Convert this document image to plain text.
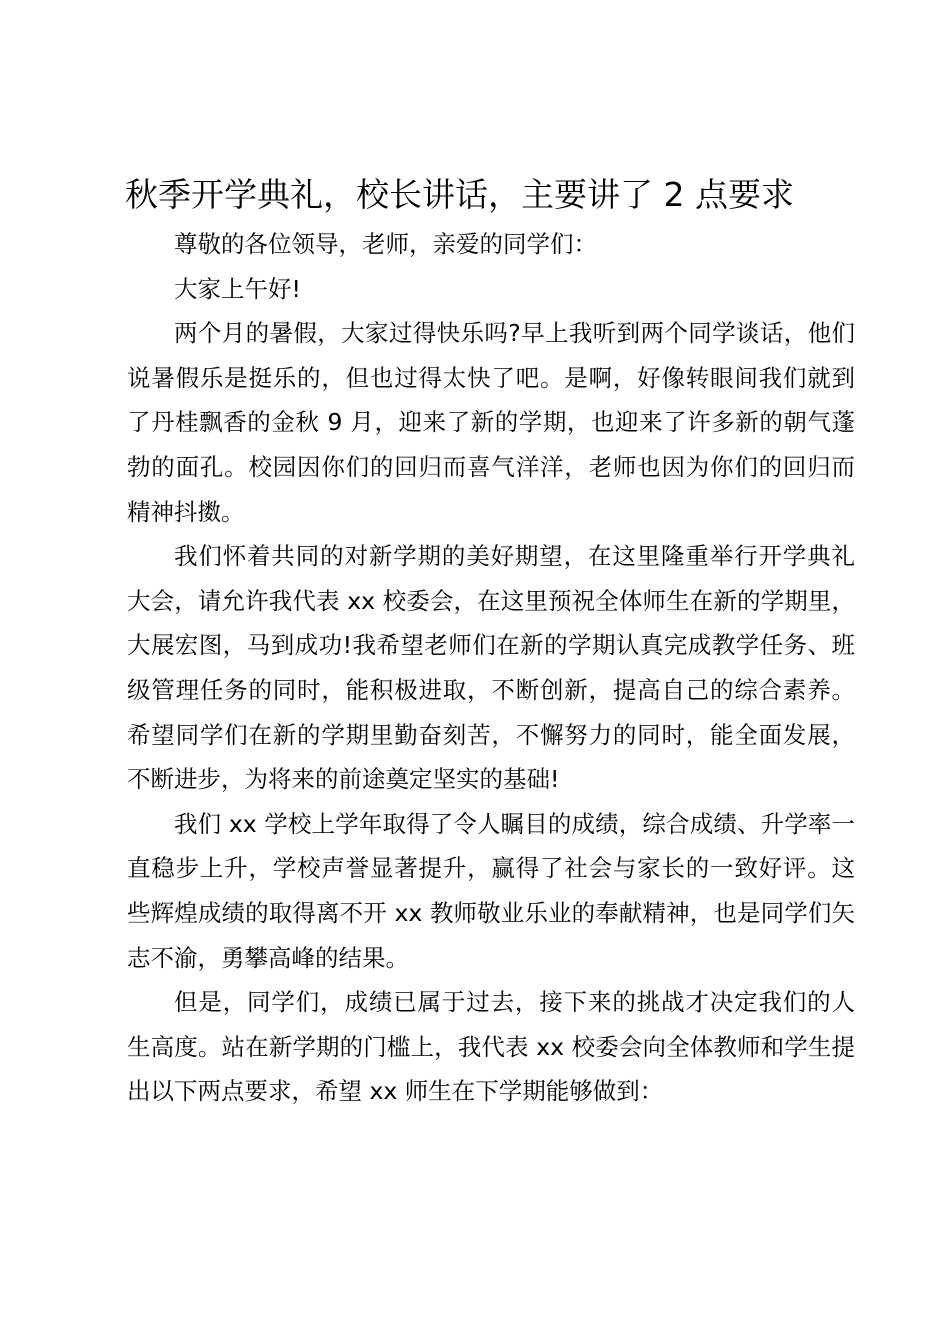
秋季开学典礼，校长讲话，主要讲了 2 点要求

尊敬的各位领导，老师，亲爱的同学们：

大家上午好!

两个月的暑假，大家过得快乐吗?早上我听到两个同学谈话，他们说暑假乐是挺乐的，但也过得太快了吧。是啊，好像转眼间我们就到了丹桂飘香的金秋 9 月，迎来了新的学期，也迎来了许多新的朝气蓬勃的面孔。校园因你们的回归而喜气洋洋，老师也因为你们的回归而精神抖擞。

我们怀着共同的对新学期的美好期望，在这里隆重举行开学典礼大会，请允许我代表 xx 校委会，在这里预祝全体师生在新的学期里，大展宏图，马到成功!我希望老师们在新的学期认真完成教学任务、班级管理任务的同时，能积极进取，不断创新，提高自己的综合素养。希望同学们在新的学期里勤奋刻苦，不懈努力的同时，能全面发展，不断进步，为将来的前途奠定坚实的基础!

我们 xx 学校上学年取得了令人瞩目的成绩，综合成绩、升学率一直稳步上升，学校声誉显著提升，赢得了社会与家长的一致好评。这些辉煌成绩的取得离不开 xx 教师敬业乐业的奉献精神，也是同学们矢志不渝，勇攀高峰的结果。

但是，同学们，成绩已属于过去，接下来的挑战才决定我们的人生高度。站在新学期的门槛上，我代表 xx 校委会向全体教师和学生提出以下两点要求，希望 xx 师生在下学期能够做到：
